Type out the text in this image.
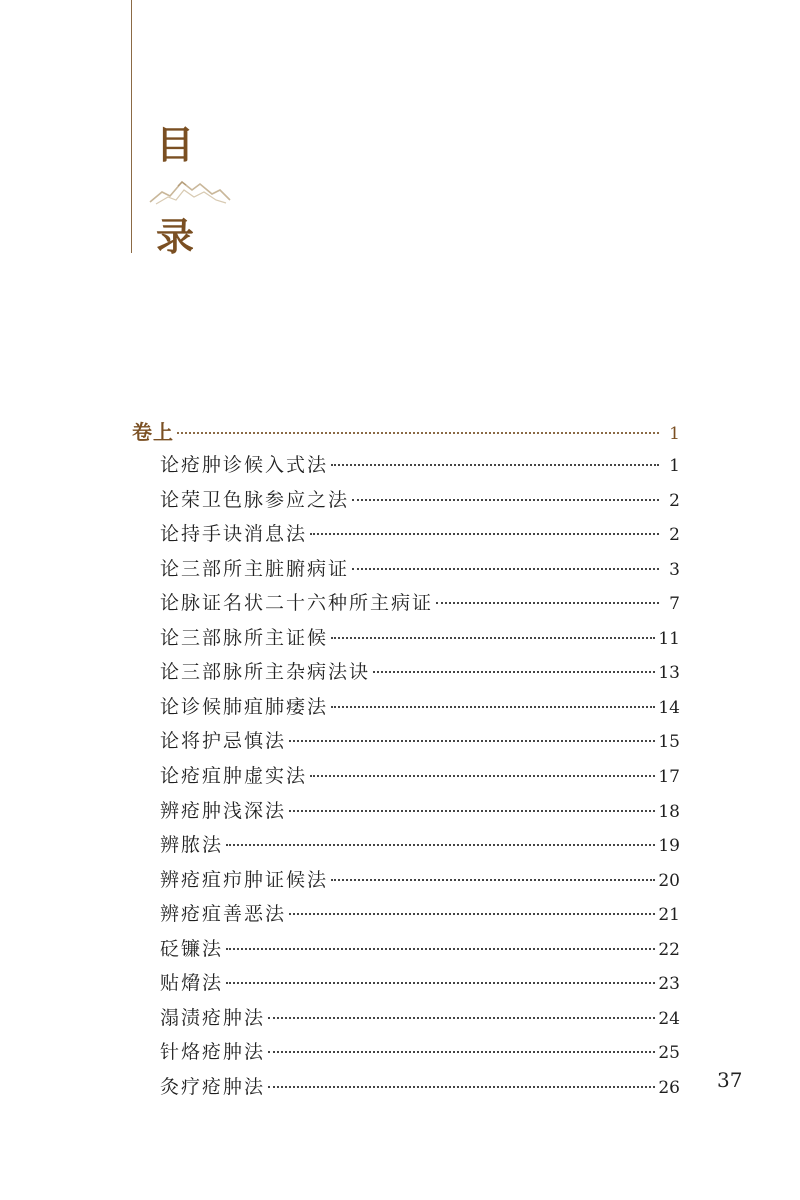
目
录
卷上	1
论疮肿诊候入式法	1
论荣卫色脉参应之法	2
论持手诀消息法	2
论三部所主脏腑病证	3
论脉证名状二十六种所主病证	7
论三部脉所主证候	11
论三部脉所主杂病法诀	13
论诊候肺疽肺痿法	14
论将护忌慎法	15
论疮疽肿虚实法	17
辨疮肿浅深法	18
辨脓法	19
辨疮疽疖肿证候法	20
辨疮疽善恶法	21
砭镰法	22
贴熁法	23
溻渍疮肿法	24
针烙疮肿法	25
灸疗疮肿法	26 37
